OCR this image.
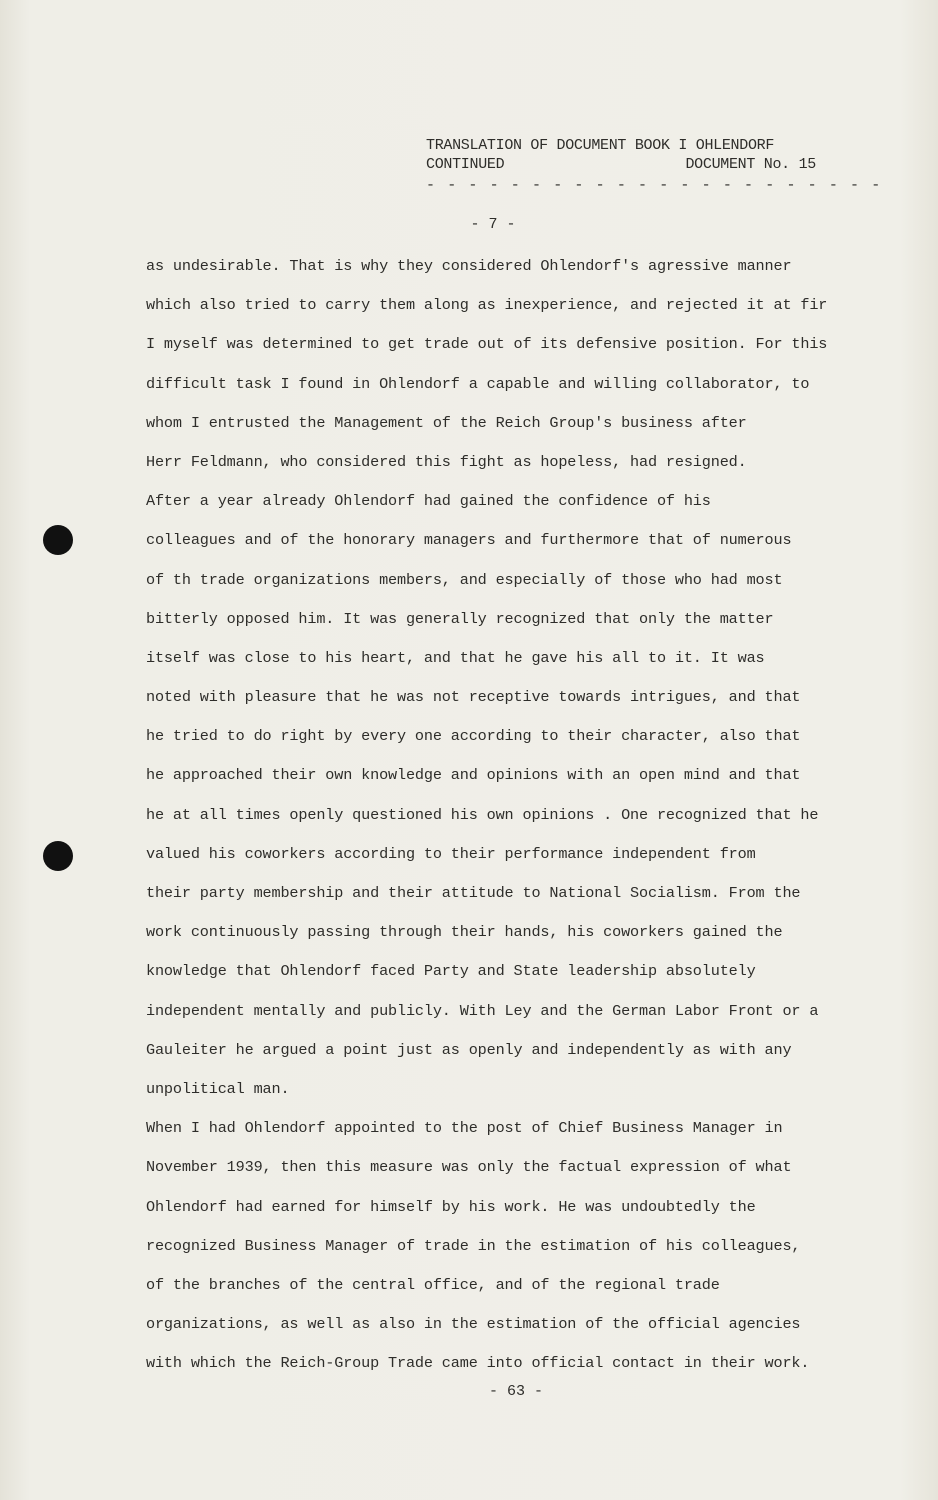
TRANSLATION OF DOCUMENT BOOK I OHLENDORF
CONTINUED	DOCUMENT No. 15
- - - - - - - - - - - - - - - - - - - - - -
- 7 -
as undesirable. That is why they considered Ohlendorf's agressive manner
which also tried to carry them along as inexperience, and rejected it at fir
I myself was determined to get trade out of its defensive position. For this
difficult task I found in Ohlendorf a capable and willing collaborator, to
whom I entrusted the Management of the Reich Group's business after
Herr Feldmann, who considered this fight as hopeless, had resigned.
After a year already Ohlendorf had gained the confidence of his
colleagues and of the honorary managers and furthermore that of numerous
of th trade organizations members, and especially of those who had most
bitterly opposed him. It was generally recognized that only the matter
itself was close to his heart, and that he gave his all to it. It was
noted with pleasure that he was not receptive towards intrigues, and that
he tried to do right by every one according to their character, also that
he approached their own knowledge and opinions with an open mind and that
he at all times openly questioned his own opinions . One recognized that he
valued his coworkers according to their performance independent from
their party membership and their attitude to National Socialism. From the
work continuously passing through their hands, his coworkers gained the
knowledge that Ohlendorf faced Party and State leadership absolutely
independent mentally and publicly. With Ley and the German Labor Front or a
Gauleiter he argued a point just as openly and independently as with any
unpolitical man.
When I had Ohlendorf appointed to the post of Chief Business Manager in
November 1939, then this measure was only the factual expression of what
Ohlendorf had earned for himself by his work. He was undoubtedly the
recognized Business Manager of trade in the estimation of his colleagues,
of the branches of the central office, and of the regional trade
organizations, as well as also in the estimation of the official agencies
with which the Reich-Group Trade came into official contact in their work.
- 63 -
